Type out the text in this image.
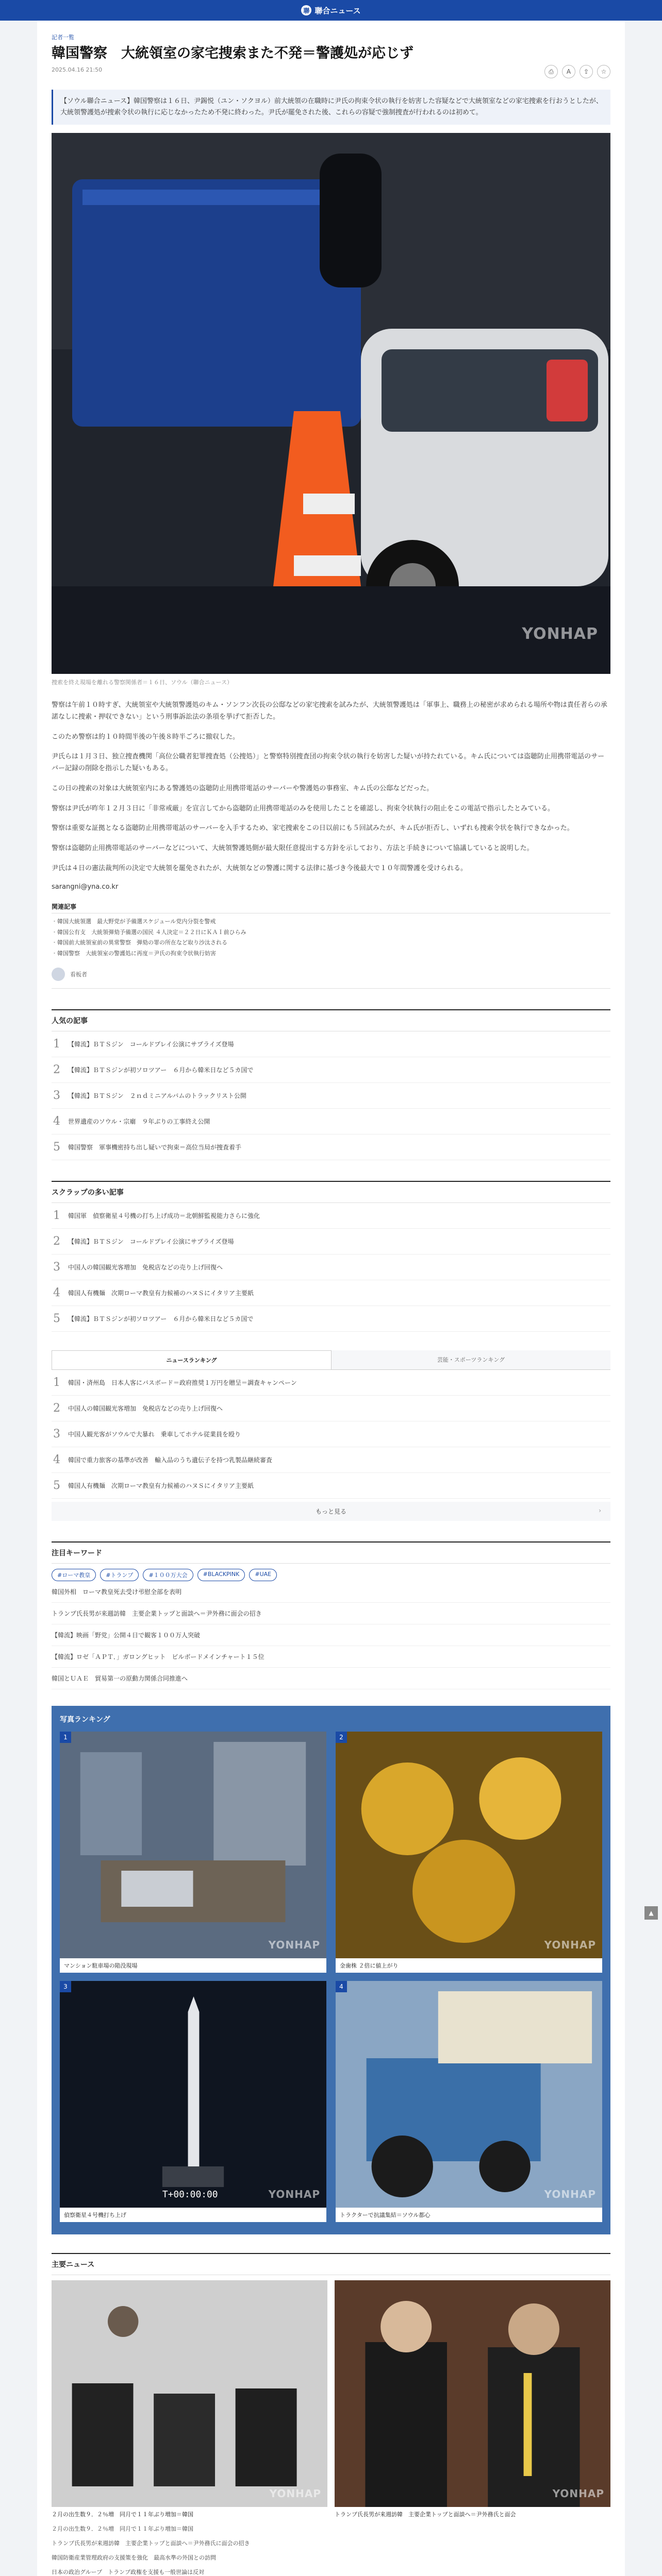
聯 聯合ニュース
記者一覧
韓国警察　大統領室の家宅捜索また不発＝警護処が応じず
2025.04.16 21:50	⎙	A	⇪	☆
【ソウル聯合ニュース】韓国警察は１６日、尹錫悦（ユン・ソクヨル）前大統領の在職時に尹氏の拘束令状の執行を妨害した容疑などで大統領室などの家宅捜索を行おうとしたが、大統領警護処が捜索令状の執行に応じなかったため不発に終わった。尹氏が罷免された後、これらの容疑で強制捜査が行われるのは初めて。
YONHAP
捜索を終え現場を離れる警察関係者＝１６日、ソウル（聯合ニュース）

警察は午前１０時すぎ、大統領室や大統領警護処のキム・ソンフン次長の公邸などの家宅捜索を試みたが、大統領警護処は「軍事上、職務上の秘密が求められる場所や物は責任者らの承諾なしに捜索・押収できない」という刑事訴訟法の条項を挙げて拒否した。

このため警察は約１０時間半後の午後８時半ごろに撤収した。

尹氏らは１月３日、独立捜査機関「高位公職者犯罪捜査処（公捜処）」と警察特別捜査団の拘束令状の執行を妨害した疑いが持たれている。キム氏については盗聴防止用携帯電話のサーバー記録の削除を指示した疑いもある。

この日の捜索の対象は大統領室内にある警護処の盗聴防止用携帯電話のサーバーや警護処の事務室、キム氏の公邸などだった。

警察は尹氏が昨年１２月３日に「非常戒厳」を宣言してから盗聴防止用携帯電話のみを使用したことを確認し、拘束令状執行の阻止をこの電話で指示したとみている。

警察は重要な証拠となる盗聴防止用携帯電話のサーバーを入手するため、家宅捜索をこの日以前にも５回試みたが、キム氏が拒否し、いずれも捜索令状を執行できなかった。

警察は盗聴防止用携帯電話のサーバーなどについて、大統領警護処側が最大限任意提出する方針を示しており、方法と手続きについて協議していると説明した。

尹氏は４日の憲法裁判所の決定で大統領を罷免されたが、大統領などの警護に関する法律に基づき今後最大で１０年間警護を受けられる。

sarangni@yna.co.kr
関連記事
・ 韓国大統領選　最大野党が予備選スケジュール党内分裂を警戒
・ 韓国公有支　大統領弾劾予備選の国民 ４人決定＝２２日にＫＡＩ前ひらみ
・ 韓国前大統領室前の異常警察　弾劾の罪の所在など取り沙汰される
・ 韓国警察　大統領室の警護処に再度＝尹氏の拘束令状執行妨害
看板者
人気の記事
1 【韓流】ＢＴＳジン　コールドプレイ公演にサプライズ登場
2 【韓流】ＢＴＳジンが初ソロツアー　６月から韓米日など５カ国で
3 【韓流】ＢＴＳジン　２ｎｄミニアルバムのトラックリスト公開
4 世界遺産のソウル・宗廟　９年ぶりの工事終え公開
5 韓国警察　軍事機密持ち出し疑いで拘束＝高位当局が捜査着手
スクラップの多い記事
1 韓国軍　偵察衛星４号機の打ち上げ成功＝北朝鮮監視能力さらに強化
2 【韓流】ＢＴＳジン　コールドプレイ公演にサプライズ登場
3 中国人の韓国観光客増加　免税店などの売り上げ回復へ
4 韓国人有機麺　次期ローマ教皇有力候補のハヌＳにイタリア主要紙
5 【韓流】ＢＴＳジンが初ソロツアー　６月から韓米日など５カ国で
ニュースランキング	芸能・スポーツランキング
1 韓国・済州島　日本人客にバスボード＝政府推奨１万円を贈呈＝調査キャンペーン
2 中国人の韓国観光客増加　免税店などの売り上げ回復へ
3 中国人観光客がソウルで大暴れ　乗車してホテル従業員を殴り
4 韓国で重力旅客の基準が改善　輸入品のうち遺伝子を持つ乳製品継続審査
5 韓国人有機麺　次期ローマ教皇有力候補のハヌＳにイタリア主要紙
もっと見る ›
注目キーワード
#ローマ教皇	#トランプ	#１００万大会	#BLACKPINK	#UAE
韓国外相　ローマ教皇死去受け弔慰全部を表明
トランプ氏長男が来週訪韓　主要企業トップと面談へ＝尹外務に面会の招き
【韓流】映画「野党」公開４日で観客１００万人突破
【韓流】ロゼ「ＡＰＴ．」ガロングヒット　ビルボードメインチャート１５位
韓国とＵＡＥ　貿易第一の原動力関係合同推進へ
写真ランキング
1
YONHAP
マンション駐車場の陥没現場
2
YONHAP
金歯株 ２倍に値上がり
T+00:00:00
3
YONHAP
偵察衛星４号機打ち上げ
4
YONHAP
トラクターで抗議集結＝ソウル都心
主要ニュース
YONHAP
２月の出生数９．２％増　同月で１１年ぶり増加＝韓国
YONHAP
トランプ氏長男が来週訪韓　主要企業トップと面談へ＝尹外務氏と面会
２月の出生数９．２％増　同月で１１年ぶり増加＝韓国
トランプ氏長男が来週訪韓　主要企業トップと面談へ＝尹外務氏に面会の招き
韓国防衛産業管理政府の支援策を強化　最高水準の外国との訪問
日本の政治グループ　トランプ政権を支援も一般世論は反対
▲
